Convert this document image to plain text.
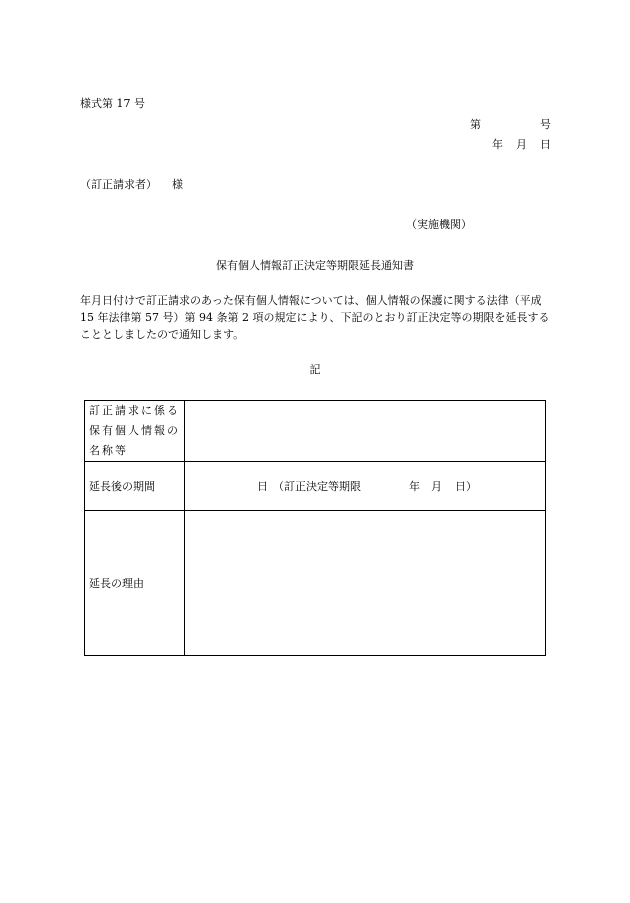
様式第 17 号
第	号
年 月 日
（訂正請求者） 様
（実施機関）
保有個人情報訂正決定等期限延長通知書
年月日付けで訂正請求のあった保有個人情報については、個人情報の保護に関する法律（平成 15 年法律第 57 号）第 94 条第 2 項の規定により、下記のとおり訂正決定等の期限を延長することとしましたので通知します。
記
訂正請求に係る保有個人情報の名称等	
延長後の期間	日 （訂正決定等期限 年 月 日）

延長の理由	
